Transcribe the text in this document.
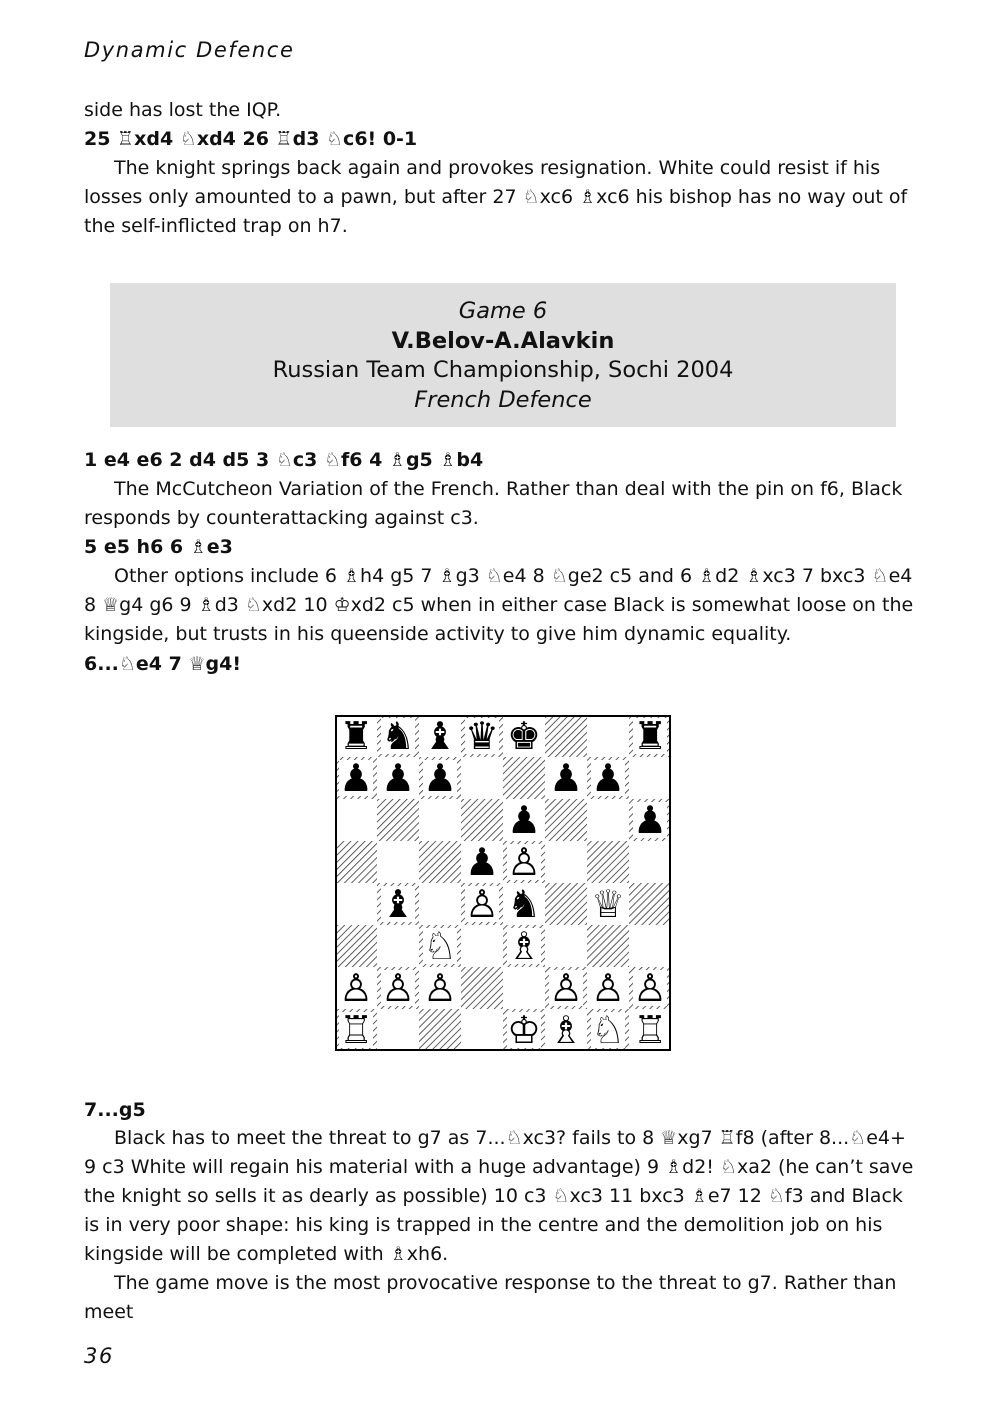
Dynamic Defence
side has lost the IQP.
25 ♖xd4 ♘xd4 26 ♖d3 ♘c6! 0-1
The knight springs back again and provokes resignation. White could resist if his losses only amounted to a pawn, but after 27 ♘xc6 ♗xc6 his bishop has no way out of the self-inflicted trap on h7.
Game 6
V.Belov-A.Alavkin
Russian Team Championship, Sochi 2004
French Defence
1 e4 e6 2 d4 d5 3 ♘c3 ♘f6 4 ♗g5 ♗b4
The McCutcheon Variation of the French. Rather than deal with the pin on f6, Black responds by counterattacking against c3.
5 e5 h6 6 ♗e3
Other options include 6 ♗h4 g5 7 ♗g3 ♘e4 8 ♘ge2 c5 and 6 ♗d2 ♗xc3 7 bxc3 ♘e4 8 ♕g4 g6 9 ♗d3 ♘xd2 10 ♔xd2 c5 when in either case Black is somewhat loose on the kingside, but trusts in his queenside activity to give him dynamic equality.
6...♘e4 7 ♕g4!
♜ ♞ ♝ ♛ ♚ ♜
♟ ♟ ♟ ♟ ♟
♟ ♟
♟ ♙
♝ ♙ ♞ ♕
♘ ♗
♙ ♙ ♙ ♙ ♙ ♙
♖	♔ ♗ ♘ ♖
7...g5
Black has to meet the threat to g7 as 7...♘xc3? fails to 8 ♕xg7 ♖f8 (after 8...♘e4+ 9 c3 White will regain his material with a huge advantage) 9 ♗d2! ♘xa2 (he can’t save the knight so sells it as dearly as possible) 10 c3 ♘xc3 11 bxc3 ♗e7 12 ♘f3 and Black is in very poor shape: his king is trapped in the centre and the demolition job on his kingside will be completed with ♗xh6.
The game move is the most provocative response to the threat to g7. Rather than meet
36
